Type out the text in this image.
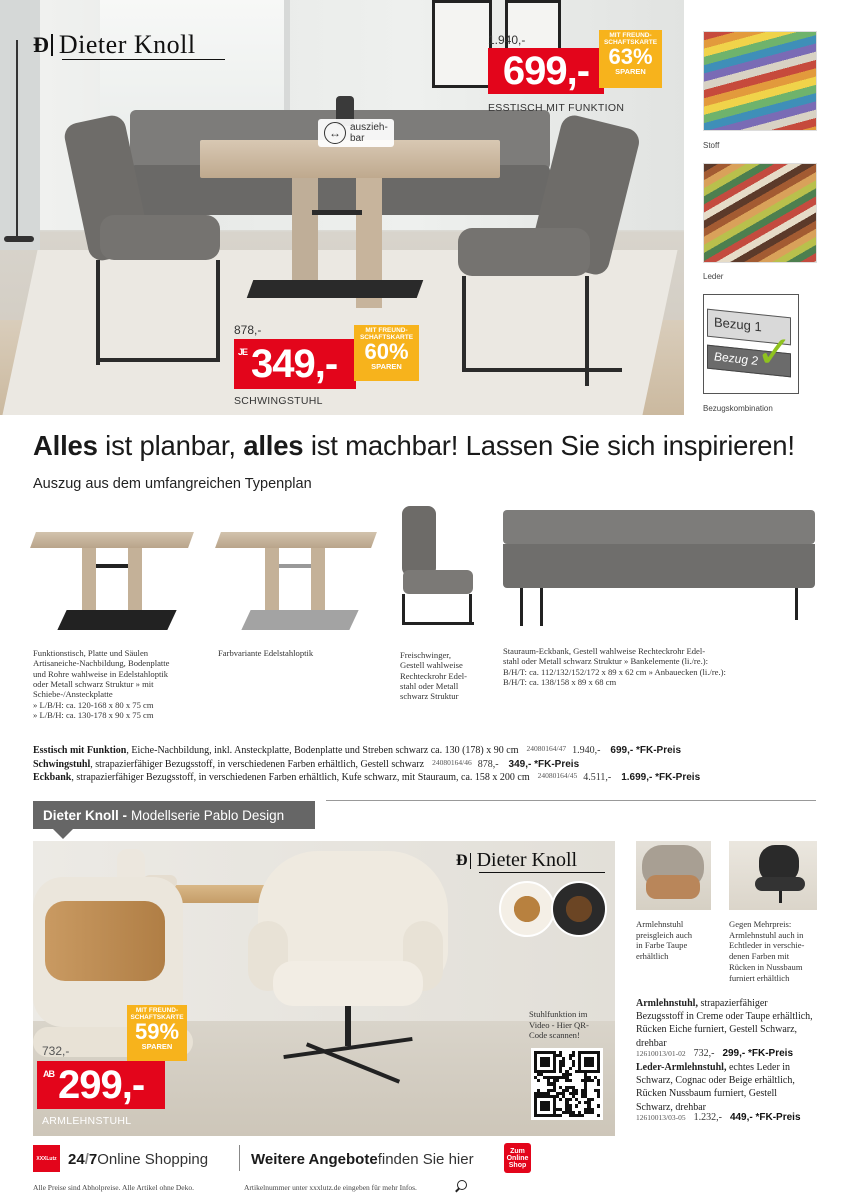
Ð Dieter Knoll
↔ auszieh-
bar
1.940,-
699,-
MIT FREUND-
SCHAFTSKARTE
63%
SPAREN
ESSTISCH MIT FUNKTION
878,-
JE 349,-
MIT FREUND-
SCHAFTSKARTE
60%
SPAREN
SCHWINGSTUHL
Stoff
Leder
Bezug 1
Bezug 2
✓
Bezugskombination
Alles ist planbar, alles ist machbar! Lassen Sie sich inspirieren!
Auszug aus dem umfangreichen Typenplan
Funktionstisch, Platte und Säulen
Artisaneiche-Nachbildung, Bodenplatte
und Rohre wahlweise in Edelstahloptik
oder Metall schwarz Struktur » mit
Schiebe-/Ansteckplatte
» L/B/H: ca. 120-168 x 80 x 75 cm
» L/B/H: ca. 130-178 x 90 x 75 cm
Farbvariante Edelstahloptik	Freischwinger,
Gestell wahlweise
Rechteckrohr Edel-
stahl oder Metall
schwarz Struktur
Stauraum-Eckbank, Gestell wahlweise Rechteckrohr Edel-
stahl oder Metall schwarz Struktur » Bankelemente (li./re.):
B/H/T: ca. 112/132/152/172 x 89 x 62 cm » Anbauecken (li./re.):
B/H/T: ca. 138/158 x 89 x 68 cm
Esstisch mit Funktion , Eiche-Nachbildung, inkl. Ansteckplatte, Bodenplatte und Streben schwarz ca. 130 (178) x 90 cm 24080164/47 1.940,- 699,- *FK-Preis
Schwingstuhl , strapazierfähiger Bezugsstoff, in verschiedenen Farben erhältlich, Gestell schwarz 24080164/46 878,- 349,- *FK-Preis
Eckbank , strapazierfähiger Bezugsstoff, in verschiedenen Farben erhältlich, Kufe schwarz, mit Stauraum, ca. 158 x 200 cm 24080164/45 4.511,- 1.699,- *FK-Preis
Dieter Knoll - Modellserie Pablo Design
Ð Dieter Knoll
Stuhlfunktion im
Video - Hier QR-
Code scannen!
MIT FREUND-
SCHAFTSKARTE
59%
SPAREN
732,-
AB 299,-
ARMLEHNSTUHL
Armlehnstuhl
preisgleich auch
in Farbe Taupe
erhältlich
Gegen Mehrpreis:
Armlehnstuhl auch in
Echtleder in verschie-
denen Farben mit
Rücken in Nussbaum
furniert erhältlich
Armlehnstuhl, strapazierfähiger Bezugsstoff in Creme oder Taupe erhältlich, Rücken Eiche furniert, Gestell Schwarz, drehbar
12610013/01-02 732,- 299,- *FK-Preis
Leder-Armlehnstuhl, echtes Leder in Schwarz, Cognac oder Beige erhältlich, Rücken Nussbaum furniert, Gestell Schwarz, drehbar
12610013/03-05 1.232,- 449,- *FK-Preis
XXXLutz 24 / 7 Online Shopping	Weitere Angebote finden Sie hier	Zum Online Shop
Alle Preise sind Abholpreise. Alle Artikel ohne Deko.	Artikelnummer unter xxxlutz.de eingeben für mehr Infos.
